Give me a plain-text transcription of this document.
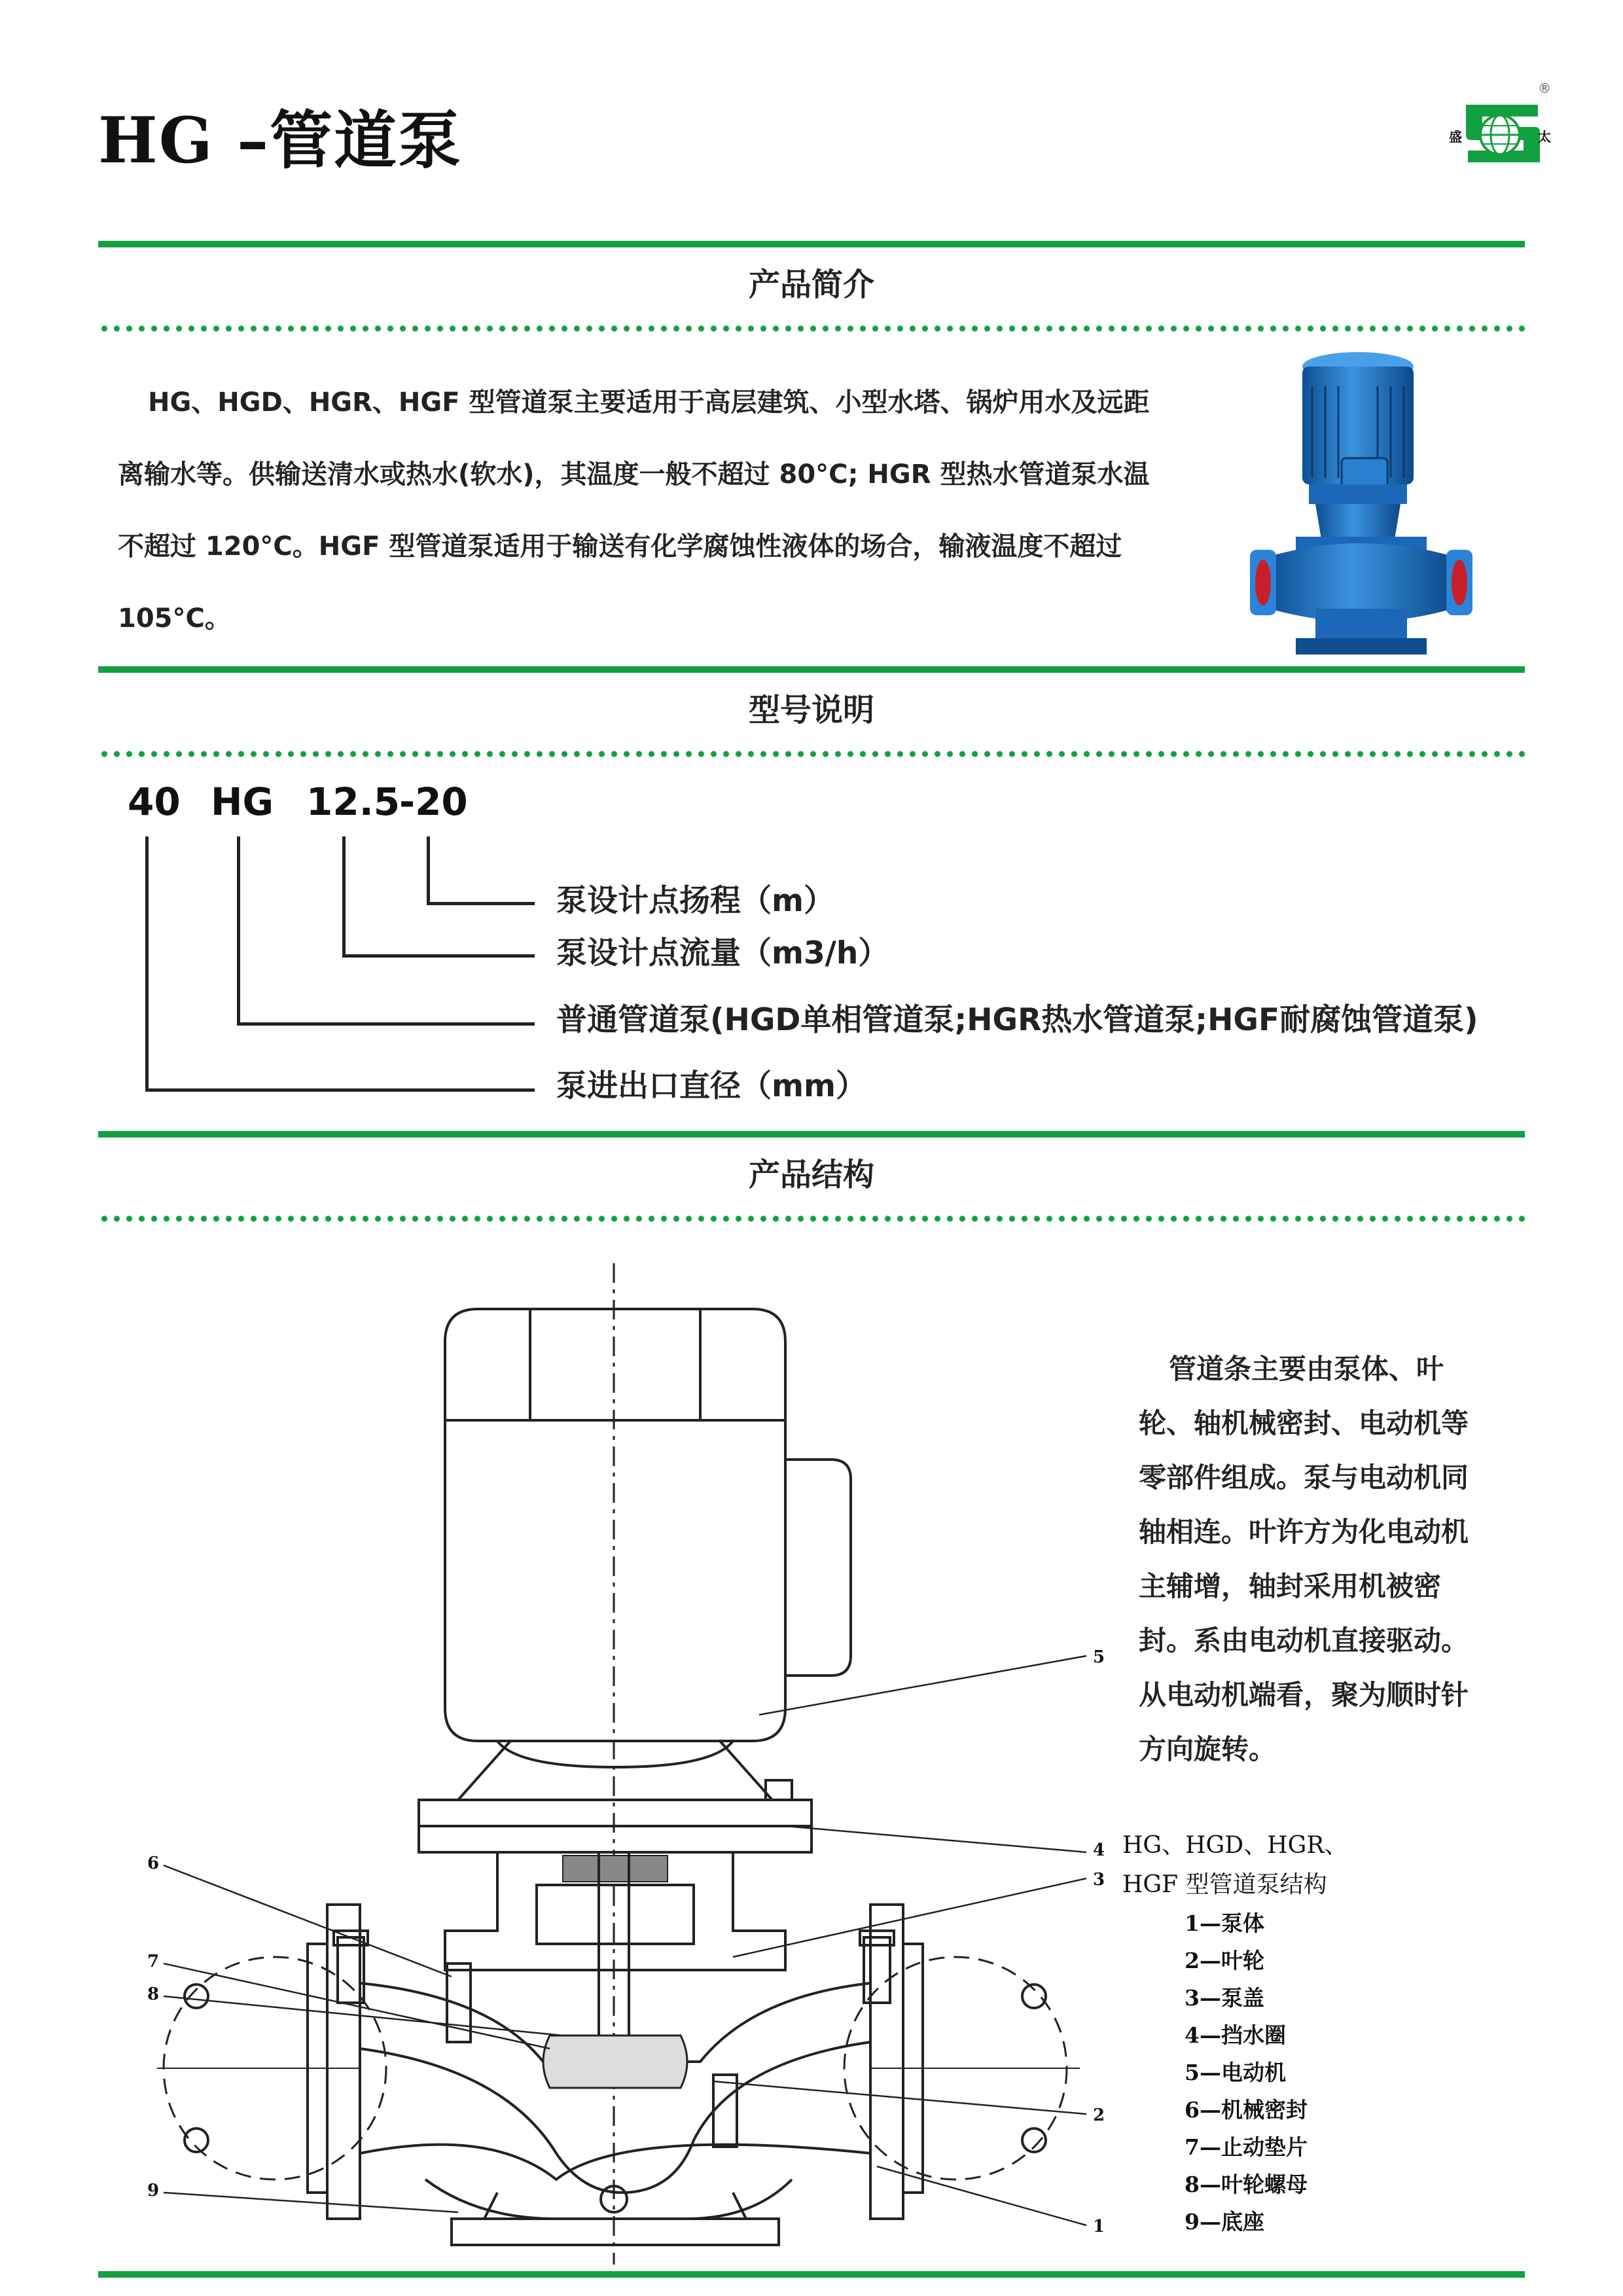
HG –管道泵	盛	太
®
产品简介
HG、HGD、HGR、HGF 型管道泵主要适用于高层建筑、小型水塔、锅炉用水及远距离输水等。供输送清水或热水(软水)，其温度一般不超过 80°C; HGR 型热水管道泵水温不超过 120°C。HGF 型管道泵适用于输送有化学腐蚀性液体的场合，输液温度不超过 105°C。
型号说明
40 HG 12.5
-20
泵设计点扬程（m）
泵设计点流量（m3/h）
普通管道泵(HGD单相管道泵;HGR热水管道泵;HGF耐腐蚀管道泵)
泵进出口直径（mm）
产品结构
1
2
3
4
5
6
7
8
9
管道条主要由泵体、叶轮、轴机械密封、电动机等零部件组成。泵与电动机同轴相连。叶许方为化电动机主辅增，轴封采用机被密封。系由电动机直接驱动。从电动机端看，聚为顺时针方向旋转。
HG、HGD、HGR、
HGF 型管道泵结构
1—泵体
2—叶轮
3—泵盖
4—挡水圈
5—电动机
6—机械密封
7—止动垫片
8—叶轮螺母
9—底座
